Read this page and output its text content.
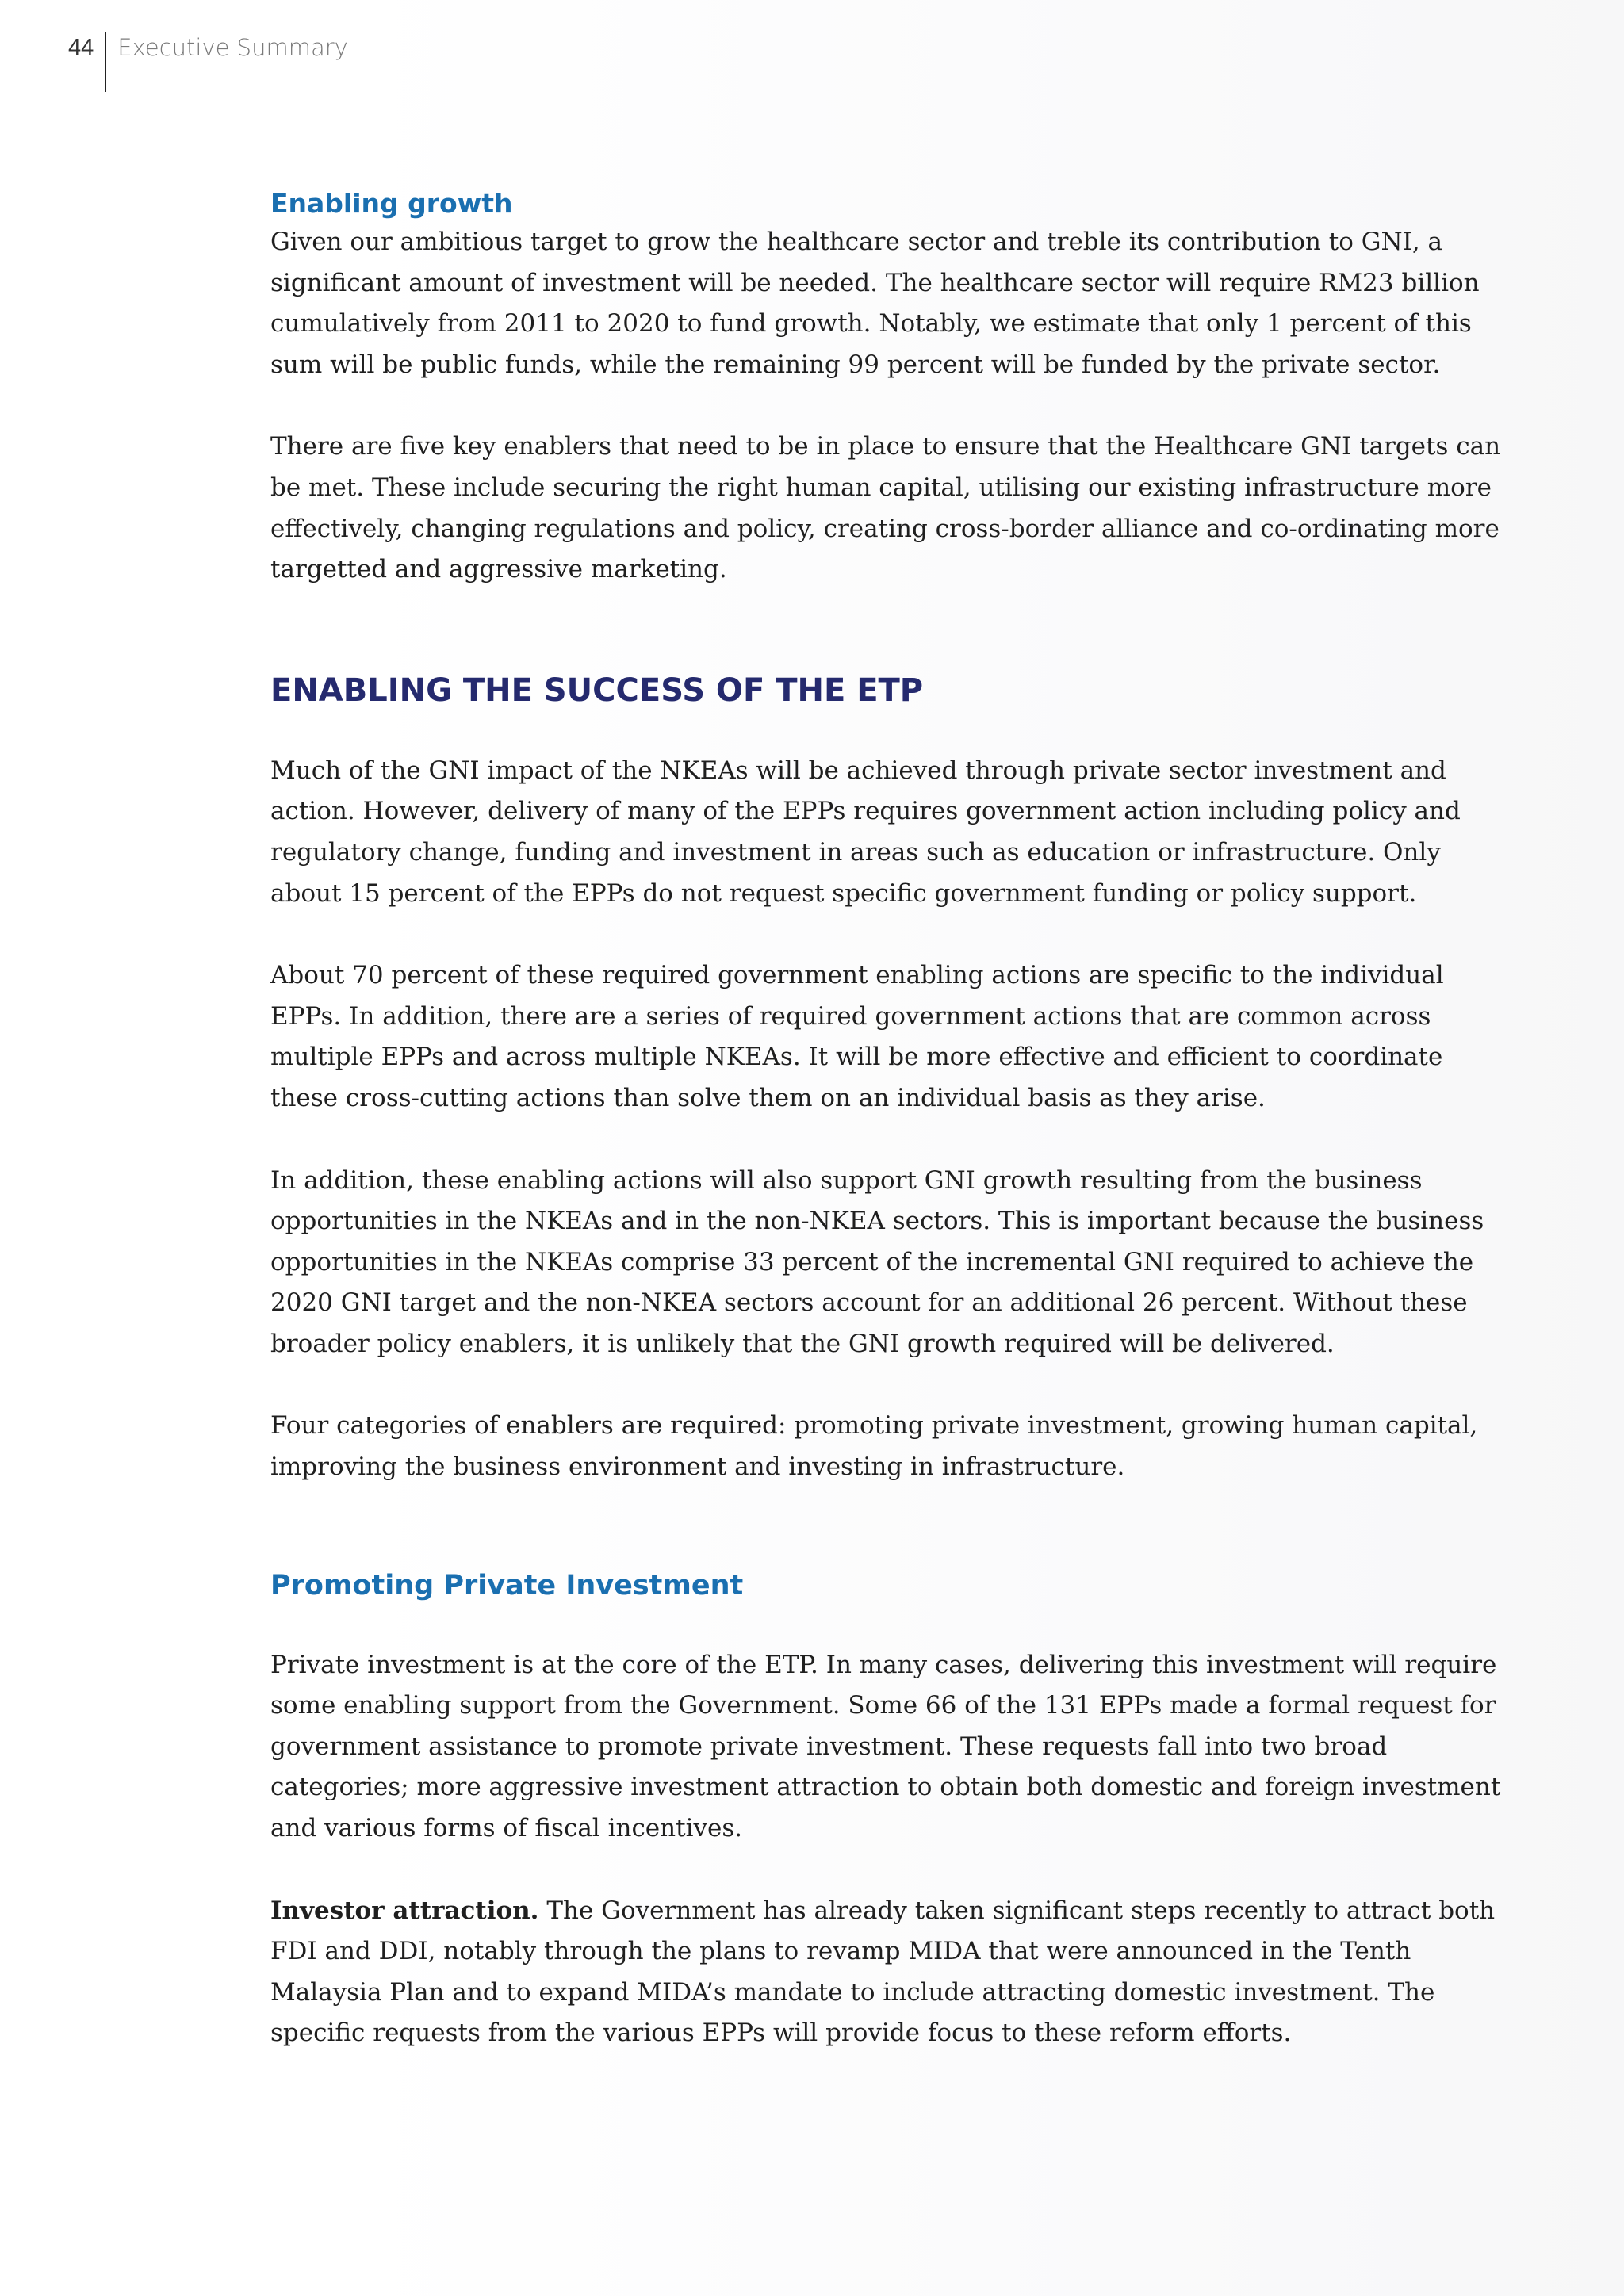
44 Executive Summary
Enabling growth

Given our ambitious target to grow the healthcare sector and treble its contribution to GNI, a significant amount of investment will be needed. The healthcare sector will require RM23 billion cumulatively from 2011 to 2020 to fund growth. Notably, we estimate that only 1 percent of this sum will be public funds, while the remaining 99 percent will be funded by the private sector.

There are five key enablers that need to be in place to ensure that the Healthcare GNI targets can be met. These include securing the right human capital, utilising our existing infrastructure more effectively, changing regulations and policy, creating cross-border alliance and co-ordinating more targetted and aggressive marketing.

ENABLING THE SUCCESS OF THE ETP

Much of the GNI impact of the NKEAs will be achieved through private sector investment and action. However, delivery of many of the EPPs requires government action including policy and regulatory change, funding and investment in areas such as education or infrastructure. Only about 15 percent of the EPPs do not request specific government funding or policy support.

About 70 percent of these required government enabling actions are specific to the individual EPPs. In addition, there are a series of required government actions that are common across multiple EPPs and across multiple NKEAs. It will be more effective and efficient to coordinate these cross-cutting actions than solve them on an individual basis as they arise.

In addition, these enabling actions will also support GNI growth resulting from the business opportunities in the NKEAs and in the non-NKEA sectors. This is important because the business opportunities in the NKEAs comprise 33 percent of the incremental GNI required to achieve the 2020 GNI target and the non-NKEA sectors account for an additional 26 percent. Without these broader policy enablers, it is unlikely that the GNI growth required will be delivered.

Four categories of enablers are required: promoting private investment, growing human capital, improving the business environment and investing in infrastructure.

Promoting Private Investment

Private investment is at the core of the ETP. In many cases, delivering this investment will require some enabling support from the Government. Some 66 of the 131 EPPs made a formal request for government assistance to promote private investment. These requests fall into two broad categories; more aggressive investment attraction to obtain both domestic and foreign investment and various forms of fiscal incentives.

Investor attraction. The Government has already taken significant steps recently to attract both FDI and DDI, notably through the plans to revamp MIDA that were announced in the Tenth Malaysia Plan and to expand MIDA’s mandate to include attracting domestic investment. The specific requests from the various EPPs will provide focus to these reform efforts.
